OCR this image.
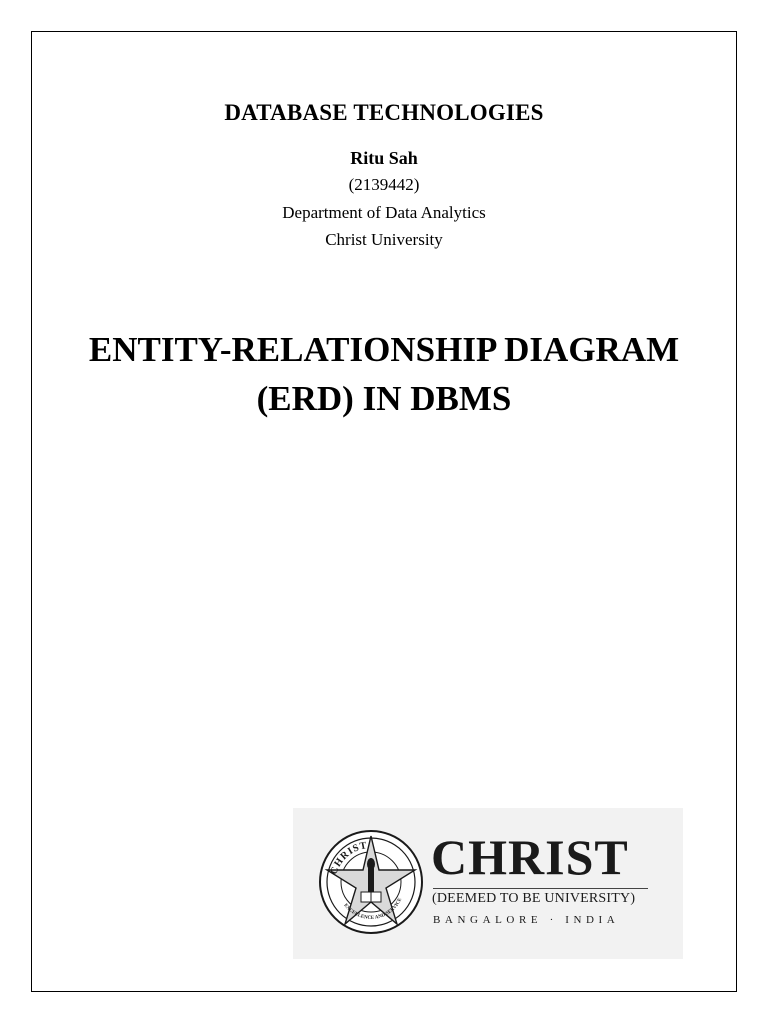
DATABASE TECHNOLOGIES
Ritu Sah
(2139442)
Department of Data Analytics
Christ University
ENTITY-RELATIONSHIP DIAGRAM
(ERD) IN DBMS
CHRIST
EXCELLENCE AND SERVICE
CHRIST
(DEEMED TO BE UNIVERSITY)
BANGALORE · INDIA
